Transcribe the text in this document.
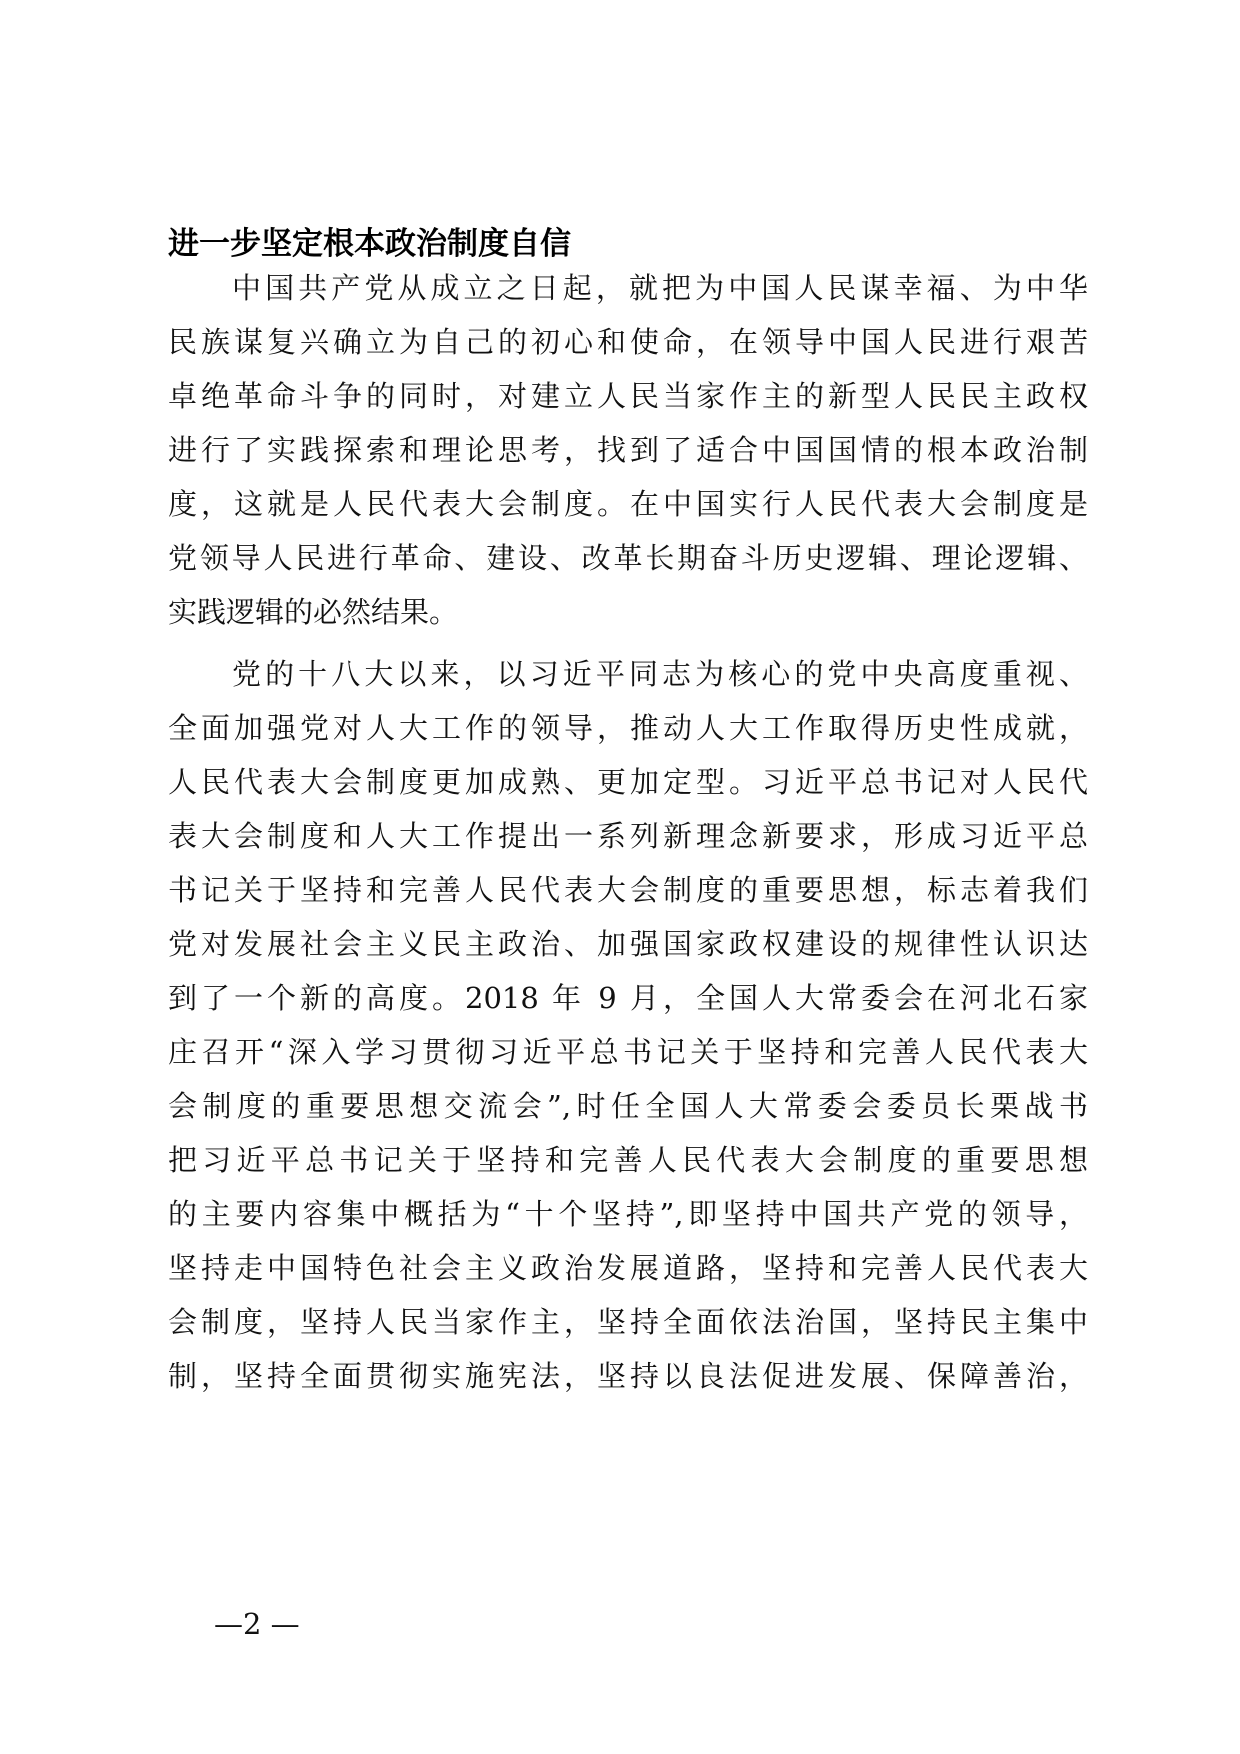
进一步坚定根本政治制度自信

中国共产党从成立之日起，就把为中国人民谋幸福、为中华

民族谋复兴确立为自己的初心和使命，在领导中国人民进行艰苦

卓绝革命斗争的同时，对建立人民当家作主的新型人民民主政权

进行了实践探索和理论思考，找到了适合中国国情的根本政治制

度，这就是人民代表大会制度。在中国实行人民代表大会制度是

党领导人民进行革命、建设、改革长期奋斗历史逻辑、理论逻辑、

实践逻辑的必然结果。

党的十八大以来，以习近平同志为核心的党中央高度重视、

全面加强党对人大工作的领导，推动人大工作取得历史性成就，

人民代表大会制度更加成熟、更加定型。习近平总书记对人民代

表大会制度和人大工作提出一系列新理念新要求，形成习近平总

书记关于坚持和完善人民代表大会制度的重要思想，标志着我们

党对发展社会主义民主政治、加强国家政权建设的规律性认识达

到了一个新的高度。2018 年 9 月，全国人大常委会在河北石家

庄召开“深入学习贯彻习近平总书记关于坚持和完善人民代表大

会制度的重要思想交流会”,时任全国人大常委会委员长栗战书

把习近平总书记关于坚持和完善人民代表大会制度的重要思想

的主要内容集中概括为“十个坚持”,即坚持中国共产党的领导，

坚持走中国特色社会主义政治发展道路，坚持和完善人民代表大

会制度，坚持人民当家作主，坚持全面依法治国，坚持民主集中

制，坚持全面贯彻实施宪法，坚持以良法促进发展、保障善治，

—2 —
